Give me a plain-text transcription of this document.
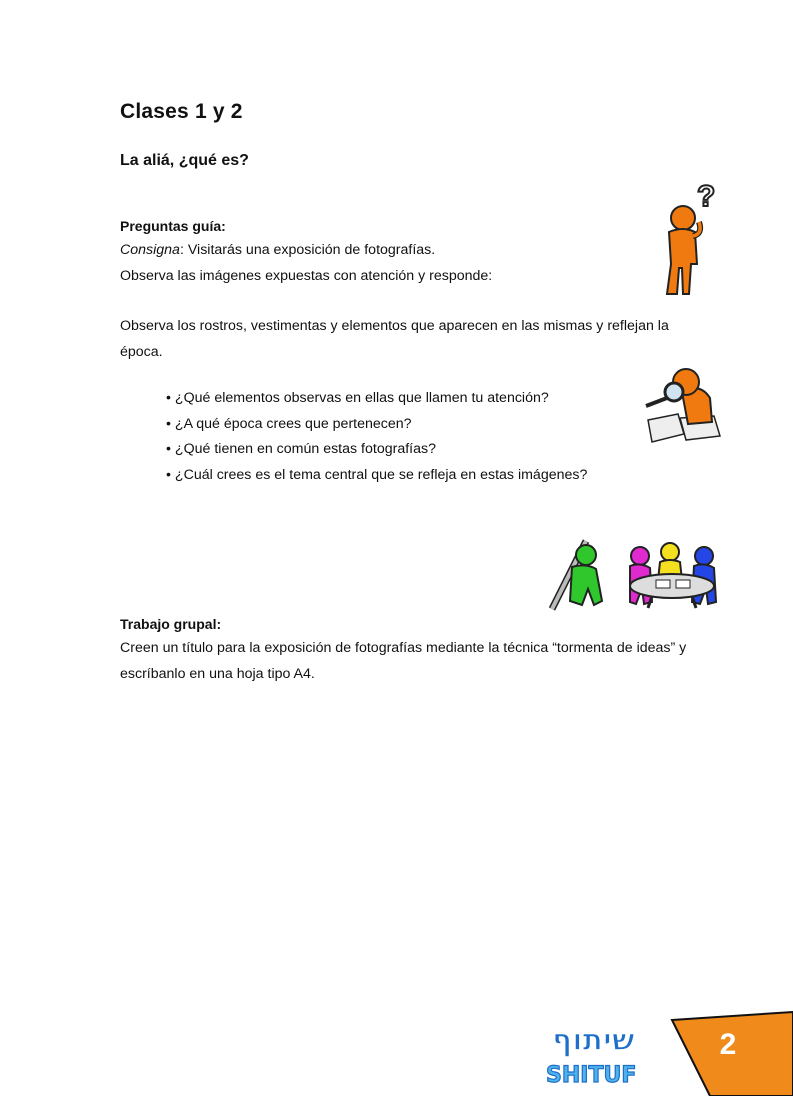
Clases 1 y 2
La aliá, ¿qué es?
Preguntas guía:
Consigna: Visitarás una exposición de fotografías.
Observa las imágenes expuestas con atención y responde:
Observa los rostros, vestimentas y elementos que aparecen en las mismas y reflejan la época.
• ¿Qué elementos observas en ellas que llamen tu atención?
• ¿A qué época crees que pertenecen?
• ¿Qué tienen en común estas fotografías?
• ¿Cuál crees es el tema central que se refleja en estas imágenes?
Trabajo grupal:
Creen un título para la exposición de fotografías mediante la técnica “tormenta de ideas” y escríbanlo en una hoja tipo A4.
?
שיתוף
SHITUF
2
